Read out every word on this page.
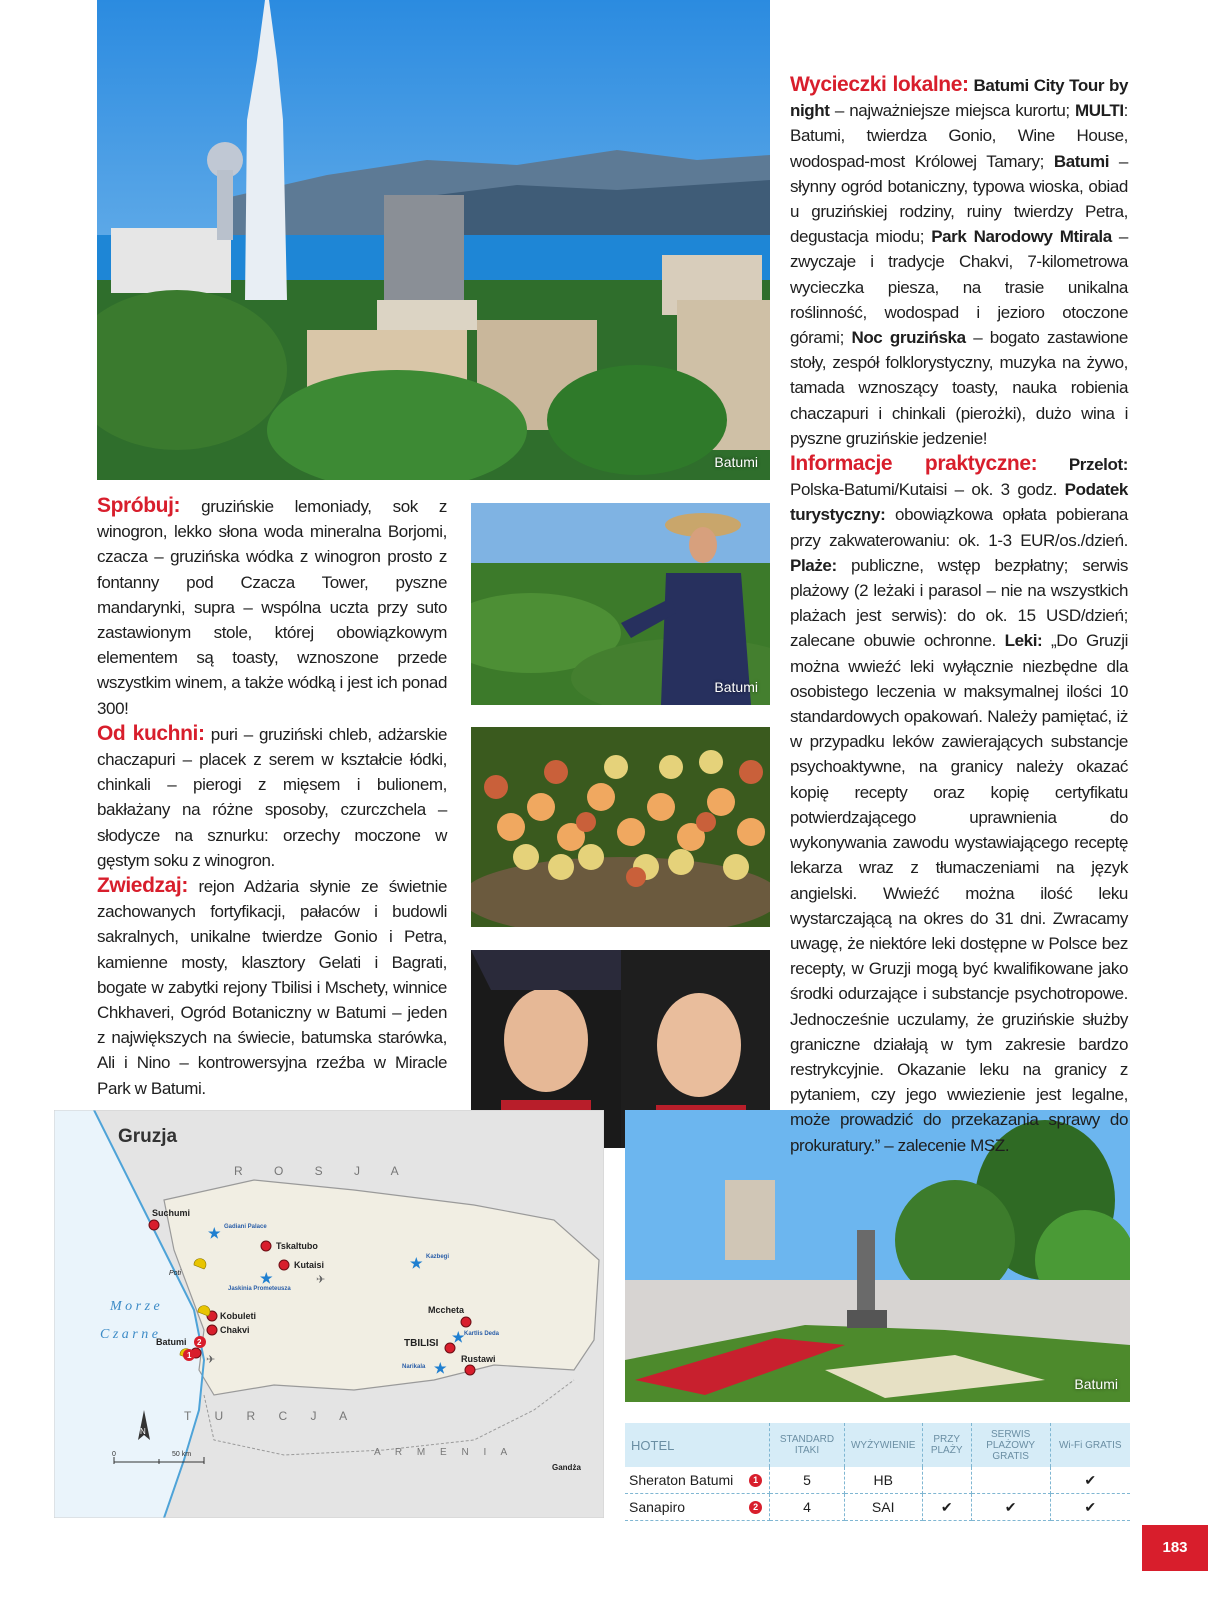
Batumi
Batumi
Batumi

Spróbuj: gruzińskie lemoniady, sok z winogron, lekko słona woda mineralna Borjomi, czacza – gruzińska wódka z winogron prosto z fontanny pod Czacza Tower, pyszne mandarynki, supra – wspólna uczta przy suto zastawionym stole, której obowiązkowym elementem są toasty, wznoszone przede wszystkim winem, a także wódką i jest ich ponad 300!

Od kuchni: puri – gruziński chleb, adżarskie chaczapuri – placek z serem w kształcie łódki, chinkali – pierogi z mięsem i bulionem, bakłażany na różne sposoby, czurczchela – słodycze na sznurku: orzechy moczone w gęstym soku z winogron.

Zwiedzaj: rejon Adżaria słynie ze świetnie zachowanych fortyfikacji, pałaców i budowli sakralnych, unikalne twierdze Gonio i Petra, kamienne mosty, klasztory Gelati i Bagrati, bogate w zabytki rejony Tbilisi i Mschety, winnice Chkhaveri, Ogród Botaniczny w Batumi – jeden z największych na świecie, batumska starówka, Ali i Nino – kontrowersyjna rzeźba w Miracle Park w Batumi.

Wycieczki lokalne: Batumi City Tour by night – najważniejsze miejsca kurortu; MULTI: Batumi, twierdza Gonio, Wine House, wodospad-most Królowej Tamary; Batumi – słynny ogród botaniczny, typowa wioska, obiad u gruzińskiej rodziny, ruiny twierdzy Petra, degustacja miodu; Park Narodowy Mtirala – zwyczaje i tradycje Chakvi, 7-kilometrowa wycieczka piesza, na trasie unikalna roślinność, wodospad i jezioro otoczone górami; Noc gruzińska – bogato zastawione stoły, zespół folklorystyczny, muzyka na żywo, tamada wznoszący toasty, nauka robienia chaczapuri i chinkali (pierożki), dużo wina i pyszne gruzińskie jedzenie!

Informacje praktyczne: Przelot: Polska-Batumi/Kutaisi – ok. 3 godz. Podatek turystyczny: obowiązkowa opłata pobierana przy zakwaterowaniu: ok. 1-3 EUR/os./dzień. Plaże: publiczne, wstęp bezpłatny; serwis plażowy (2 leżaki i parasol – nie na wszystkich plażach jest serwis): do ok. 15 USD/dzień; zalecane obuwie ochronne. Leki: „Do Gruzji można wwieźć leki wyłącznie niezbędne dla osobistego leczenia w maksymalnej ilości 10 standardowych opakowań. Należy pamiętać, iż w przypadku leków zawierających substancje psychoaktywne, na granicy należy okazać kopię recepty oraz kopię certyfikatu potwierdzającego uprawnienia do wykonywania zawodu wystawiającego receptę lekarza wraz z tłumaczeniami na język angielski. Wwieźć można ilość leku wystarczającą na okres do 31 dni. Zwracamy uwagę, że niektóre leki dostępne w Polsce bez recepty, w Gruzji mogą być kwalifikowane jako środki odurzające i substancje psychotropowe. Jednocześnie uczulamy, że gruzińskie służby graniczne działają w tym zakresie bardzo restrykcyjnie. Okazanie leku na granicy z pytaniem, czy jego wwiezienie jest legalne, może prowadzić do przekazania sprawy do prokuratury.” – zalecenie MSZ.

Gruzja
R O S J A
T U R C J A
A R M E N I A
M o r z e
C z a r n e
Suchumi
Tskaltubo
Kutaisi
Kobuleti
Chakvi
Batumi
Mccheta
TBILISI
Rustawi
Gandża
Poti
★ Gadiani Palace
★
Jaskinia Prometeusza
★ Kazbegi
★ Kartlis Deda
★
Narikala
✈
✈
2
1
N
0	50 km
HOTEL	STANDARD ITAKI	WYŻYWIENIE	PRZY PLAŻY	SERWIS PLAŻOWY GRATIS	Wi-Fi GRATIS
Sheraton Batumi 1	5	HB			✔
Sanapiro 2	4	SAI	✔	✔	✔
183
